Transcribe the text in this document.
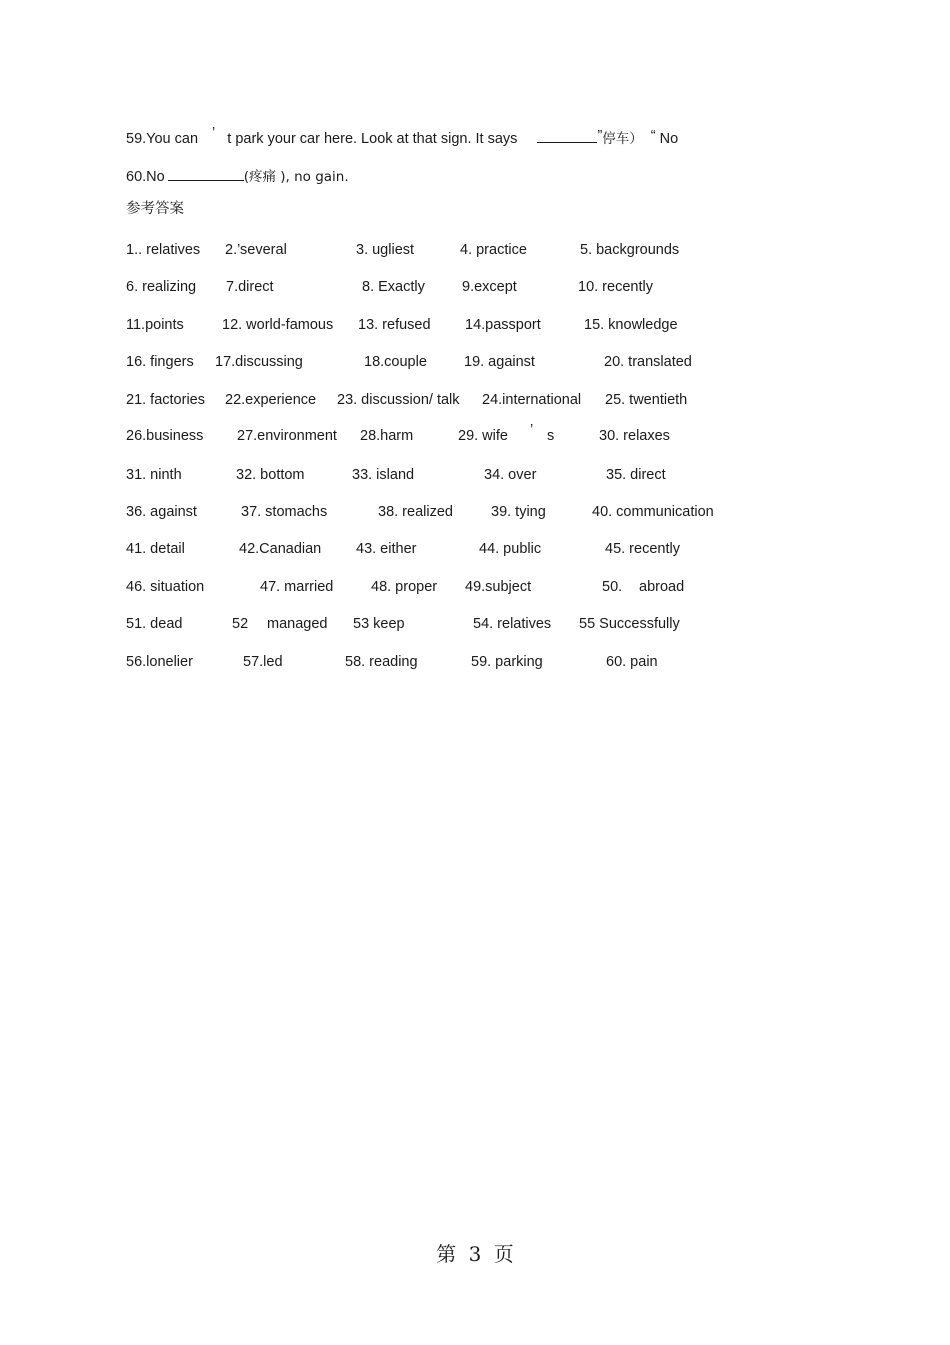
59.You can ’ t park your car here. Look at that sign. It says	”停车） “ No
60.No	(疼痛 ), no gain.
参考答案
1.. relatives 2.’several	3. ugliest	4. practice	5. backgrounds
6. realizing 7.direct	8. Exactly	9.except	10. recently
11.points	12. world-famous 13. refused 14.passport	15. knowledge
16. fingers 17.discussing	18.couple	19. against	20. translated
21. factories 22.experience 23. discussion/ talk 24.international 25. twentieth
26.business 27.environment 28.harm	29. wife ’ s	30. relaxes
31. ninth	32. bottom	33. island	34. over	35. direct
36. against	37. stomachs	38. realized	39. tying	40. communication
41. detail	42.Canadian 43. either	44. public	45. recently
46. situation	47. married	48. proper 49.subject	50. abroad
51. dead	52 managed 53 keep	54. relatives 55 Successfully
56.lonelier	57.led	58. reading	59. parking	60. pain
第 3 页
